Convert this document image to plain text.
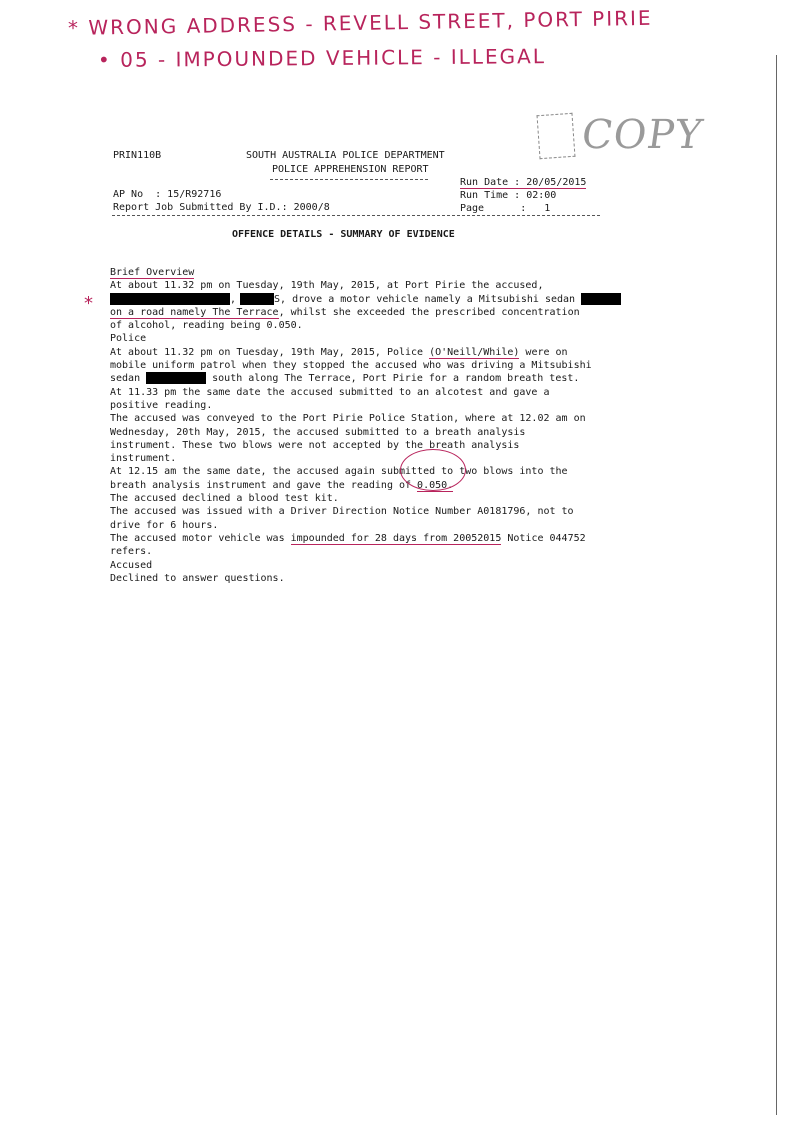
* WRONG ADDRESS - REVELL STREET, PORT PIRIE
• 05 - IMPOUNDED VEHICLE - ILLEGAL
COPY
PRIN110B	SOUTH AUSTRALIA POLICE DEPARTMENT
POLICE APPREHENSION REPORT
Run Date : 20/05/2015
Run Time : 02:00
Page      :   1
AP No  : 15/R92716
Report Job Submitted By I.D.: 2000/8
OFFENCE DETAILS - SUMMARY OF EVIDENCE
*
Brief Overview
At about 11.32 pm on Tuesday, 19th May, 2015, at Port Pirie the accused,
,	S, drove a motor vehicle namely a Mitsubishi sedan
on a road namely The Terrace, whilst she exceeded the prescribed concentration
of alcohol, reading being 0.050.
Police
At about 11.32 pm on Tuesday, 19th May, 2015, Police (O'Neill/While) were on
mobile uniform patrol when they stopped the accused who was driving a Mitsubishi
sedan	south along The Terrace, Port Pirie for a random breath test.
At 11.33 pm the same date the accused submitted to an alcotest and gave a
positive reading.
The accused was conveyed to the Port Pirie Police Station, where at 12.02 am on
Wednesday, 20th May, 2015, the accused submitted to a breath analysis
instrument. These two blows were not accepted by the breath analysis
instrument.
At 12.15 am the same date, the accused again submitted to two blows into the
breath analysis instrument and gave the reading of 0.050.
The accused declined a blood test kit.
The accused was issued with a Driver Direction Notice Number A0181796, not to
drive for 6 hours.
The accused motor vehicle was impounded for 28 days from 20052015 Notice 044752
refers.
Accused
Declined to answer questions.
